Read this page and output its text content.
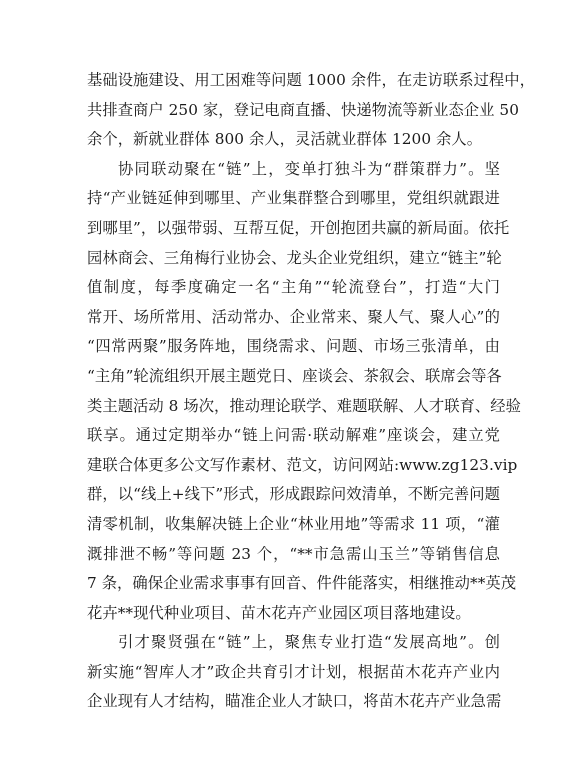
基础设施建设、用工困难等问题 1000 余件，在走访联系过程中，
共排查商户 250 家，登记电商直播、快递物流等新业态企业 50
余个，新就业群体 800 余人，灵活就业群体 1200 余人。
协同联动聚在“链”上，变单打独斗为“群策群力”。坚
持“产业链延伸到哪里、产业集群整合到哪里，党组织就跟进
到哪里”，以强带弱、互帮互促，开创抱团共赢的新局面。依托
园林商会、三角梅行业协会、龙头企业党组织，建立“链主”轮
值制度，每季度确定一名“主角”“轮流登台”，打造“大门
常开、场所常用、活动常办、企业常来、聚人气、聚人心”的
“四常两聚”服务阵地，围绕需求、问题、市场三张清单，由
“主角”轮流组织开展主题党日、座谈会、茶叙会、联席会等各
类主题活动 8 场次，推动理论联学、难题联解、人才联育、经验
联享。通过定期举办“链上问需·联动解难”座谈会，建立党
建联合体更多公文写作素材、范文，访问网站:www.zg123.vip
群，以“线上+线下”形式，形成跟踪问效清单，不断完善问题
清零机制，收集解决链上企业“林业用地”等需求 11 项，“灌
溉排泄不畅”等问题 23 个，“**市急需山玉兰”等销售信息
7 条，确保企业需求事事有回音、件件能落实，相继推动**英茂
花卉**现代种业项目、苗木花卉产业园区项目落地建设。
引才聚贤强在“链”上，聚焦专业打造“发展高地”。创
新实施“智库人才”政企共育引才计划，根据苗木花卉产业内
企业现有人才结构，瞄准企业人才缺口，将苗木花卉产业急需
